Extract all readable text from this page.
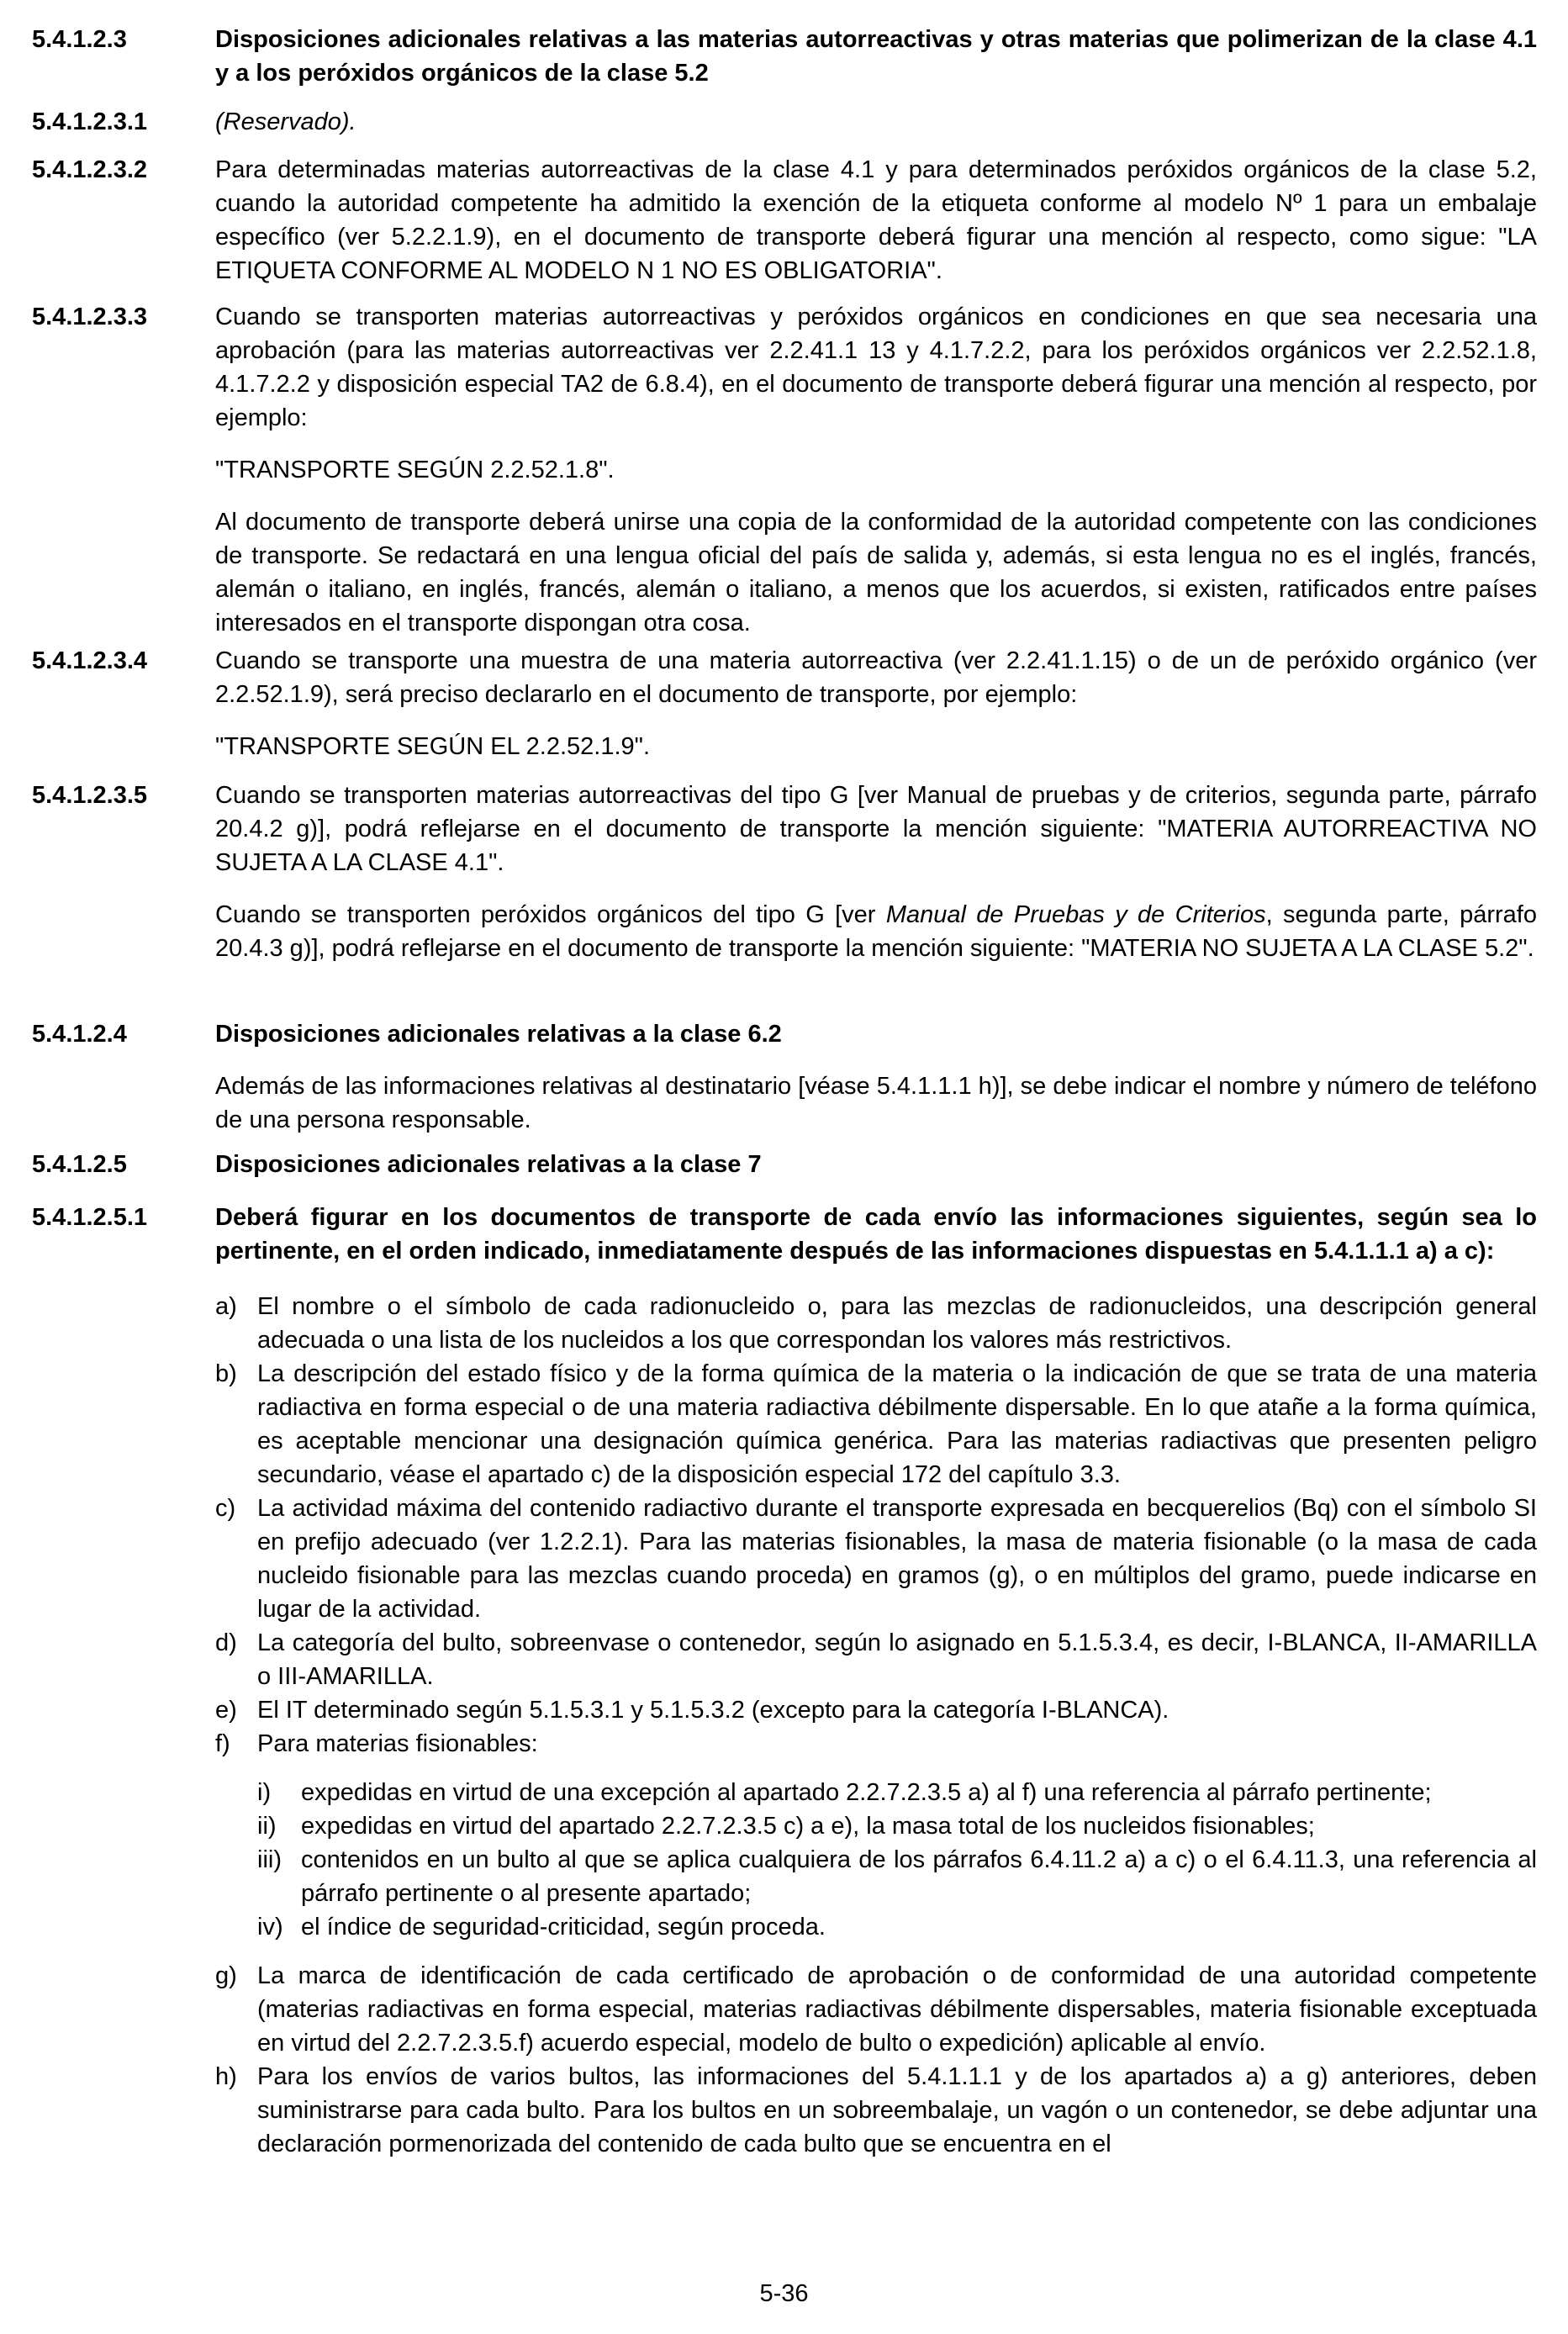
5.4.1.2.3	Disposiciones adicionales relativas a las materias autorreactivas y otras materias que polimerizan de la clase 4.1 y a los peróxidos orgánicos de la clase 5.2
5.4.1.2.3.1	(Reservado).
5.4.1.2.3.2	Para determinadas materias autorreactivas de la clase 4.1 y para determinados peróxidos orgánicos de la clase 5.2, cuando la autoridad competente ha admitido la exención de la etiqueta conforme al modelo Nº 1 para un embalaje específico (ver 5.2.2.1.9), en el documento de transporte deberá figurar una mención al respecto, como sigue: "LA ETIQUETA CONFORME AL MODELO N 1 NO ES OBLIGATORIA".
5.4.1.2.3.3	Cuando se transporten materias autorreactivas y peróxidos orgánicos en condiciones en que sea necesaria una aprobación (para las materias autorreactivas ver 2.2.41.1 13 y 4.1.7.2.2, para los peróxidos orgánicos ver 2.2.52.1.8, 4.1.7.2.2 y disposición especial TA2 de 6.8.4), en el documento de transporte deberá figurar una mención al respecto, por ejemplo:

"TRANSPORTE SEGÚN 2.2.52.1.8".

Al documento de transporte deberá unirse una copia de la conformidad de la autoridad competente con las condiciones de transporte. Se redactará en una lengua oficial del país de salida y, además, si esta lengua no es el inglés, francés, alemán o italiano, en inglés, francés, alemán o italiano, a menos que los acuerdos, si existen, ratificados entre países interesados en el transporte dispongan otra cosa.

5.4.1.2.3.4	Cuando se transporte una muestra de una materia autorreactiva (ver 2.2.41.1.15) o de un de peróxido orgánico (ver 2.2.52.1.9), será preciso declararlo en el documento de transporte, por ejemplo:

"TRANSPORTE SEGÚN EL 2.2.52.1.9".

5.4.1.2.3.5	Cuando se transporten materias autorreactivas del tipo G [ver Manual de pruebas y de criterios, segunda parte, párrafo 20.4.2 g)], podrá reflejarse en el documento de transporte la mención siguiente: "MATERIA AUTORREACTIVA NO SUJETA A LA CLASE 4.1".

Cuando se transporten peróxidos orgánicos del tipo G [ver Manual de Pruebas y de Criterios, segunda parte, párrafo 20.4.3 g)], podrá reflejarse en el documento de transporte la mención siguiente: "MATERIA NO SUJETA A LA CLASE 5.2".

5.4.1.2.4	Disposiciones adicionales relativas a la clase 6.2

Además de las informaciones relativas al destinatario [véase 5.4.1.1.1 h)], se debe indicar el nombre y número de teléfono de una persona responsable.

5.4.1.2.5	Disposiciones adicionales relativas a la clase 7
5.4.1.2.5.1	Deberá figurar en los documentos de transporte de cada envío las informaciones siguientes, según sea lo pertinente, en el orden indicado, inmediatamente después de las informaciones dispuestas en 5.4.1.1.1 a) a c):

a) El nombre o el símbolo de cada radionucleido o, para las mezclas de radionucleidos, una descripción general adecuada o una lista de los nucleidos a los que correspondan los valores más restrictivos.
b) La descripción del estado físico y de la forma química de la materia o la indicación de que se trata de una materia radiactiva en forma especial o de una materia radiactiva débilmente dispersable. En lo que atañe a la forma química, es aceptable mencionar una designación química genérica. Para las materias radiactivas que presenten peligro secundario, véase el apartado c) de la disposición especial 172 del capítulo 3.3.
c) La actividad máxima del contenido radiactivo durante el transporte expresada en becquerelios (Bq) con el símbolo SI en prefijo adecuado (ver 1.2.2.1). Para las materias fisionables, la masa de materia fisionable (o la masa de cada nucleido fisionable para las mezclas cuando proceda) en gramos (g), o en múltiplos del gramo, puede indicarse en lugar de la actividad.
d) La categoría del bulto, sobreenvase o contenedor, según lo asignado en 5.1.5.3.4, es decir, I-BLANCA, II-AMARILLA o III-AMARILLA.
e) El IT determinado según 5.1.5.3.1 y 5.1.5.3.2 (excepto para la categoría I-BLANCA).
f) Para materias fisionables:
i) expedidas en virtud de una excepción al apartado 2.2.7.2.3.5 a) al f) una referencia al párrafo pertinente;
ii) expedidas en virtud del apartado 2.2.7.2.3.5 c) a e), la masa total de los nucleidos fisionables;
iii) contenidos en un bulto al que se aplica cualquiera de los párrafos 6.4.11.2 a) a c) o el 6.4.11.3, una referencia al párrafo pertinente o al presente apartado;
iv) el índice de seguridad-criticidad, según proceda.
g) La marca de identificación de cada certificado de aprobación o de conformidad de una autoridad competente (materias radiactivas en forma especial, materias radiactivas débilmente dispersables, materia fisionable exceptuada en virtud del 2.2.7.2.3.5.f) acuerdo especial, modelo de bulto o expedición) aplicable al envío.
h) Para los envíos de varios bultos, las informaciones del 5.4.1.1.1 y de los apartados a) a g) anteriores, deben suministrarse para cada bulto. Para los bultos en un sobreembalaje, un vagón o un contenedor, se debe adjuntar una declaración pormenorizada del contenido de cada bulto que se encuentra en el
5-36
